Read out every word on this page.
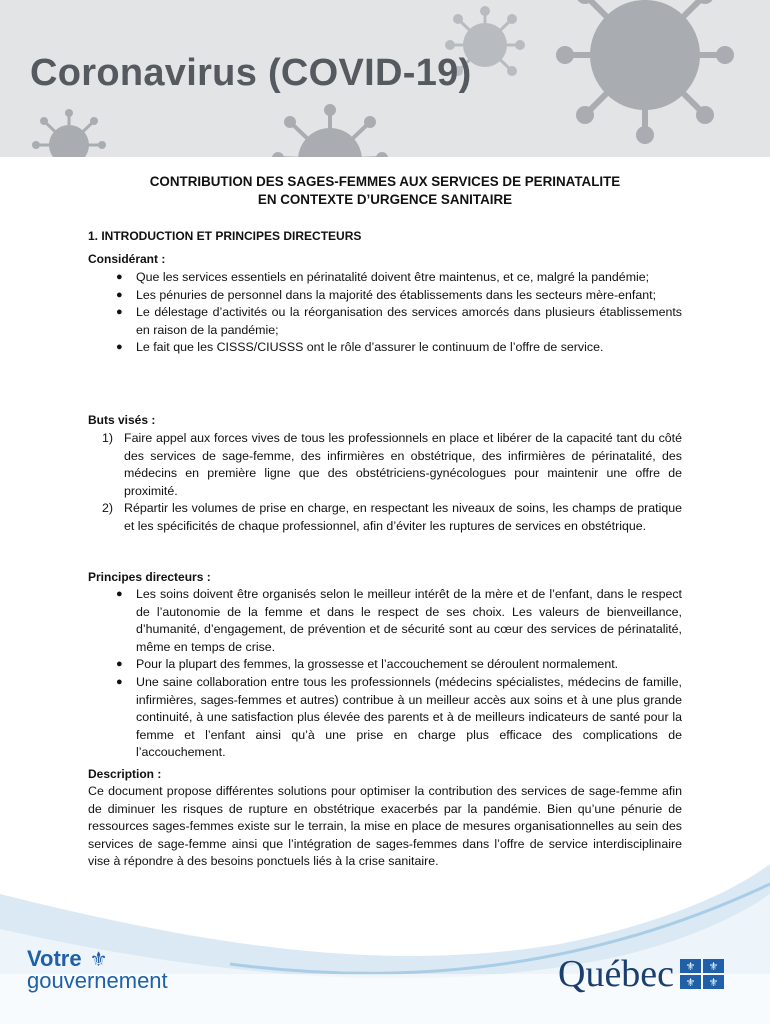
Coronavirus (COVID-19)
CONTRIBUTION DES SAGES-FEMMES AUX SERVICES DE PERINATALITE
EN CONTEXTE D’URGENCE SANITAIRE
1. INTRODUCTION ET PRINCIPES DIRECTEURS
Considérant :
● Que les services essentiels en périnatalité doivent être maintenus, et ce, malgré la pandémie;
● Les pénuries de personnel dans la majorité des établissements dans les secteurs mère-enfant;
● Le délestage d’activités ou la réorganisation des services amorcés dans plusieurs établissements en raison de la pandémie;
● Le fait que les CISSS/CIUSSS ont le rôle d’assurer le continuum de l’offre de service.
Buts visés :
1) Faire appel aux forces vives de tous les professionnels en place et libérer de la capacité tant du côté des services de sage-femme, des infirmières en obstétrique, des infirmières de périnatalité, des médecins en première ligne que des obstétriciens-gynécologues pour maintenir une offre de proximité.
2) Répartir les volumes de prise en charge, en respectant les niveaux de soins, les champs de pratique et les spécificités de chaque professionnel, afin d’éviter les ruptures de services en obstétrique.
Principes directeurs :
● Les soins doivent être organisés selon le meilleur intérêt de la mère et de l’enfant, dans le respect de l’autonomie de la femme et dans le respect de ses choix. Les valeurs de bienveillance, d’humanité, d’engagement, de prévention et de sécurité sont au cœur des services de périnatalité, même en temps de crise.
● Pour la plupart des femmes, la grossesse et l’accouchement se déroulent normalement.
● Une saine collaboration entre tous les professionnels (médecins spécialistes, médecins de famille, infirmières, sages-femmes et autres) contribue à un meilleur accès aux soins et à une plus grande continuité, à une satisfaction plus élevée des parents et à de meilleurs indicateurs de santé pour la femme et l’enfant ainsi qu’à une prise en charge plus efficace des complications de l’accouchement.
Description :
Ce document propose différentes solutions pour optimiser la contribution des services de sage-femme afin de diminuer les risques de rupture en obstétrique exacerbés par la pandémie. Bien qu’une pénurie de ressources sages-femmes existe sur le terrain, la mise en place de mesures organisationnelles au sein des services de sage-femme ainsi que l’intégration de sages-femmes dans l’offre de service interdisciplinaire vise à répondre à des besoins ponctuels liés à la crise sanitaire.
Votre ⚜
gouvernement	Québec	⚜	⚜
⚜	⚜
